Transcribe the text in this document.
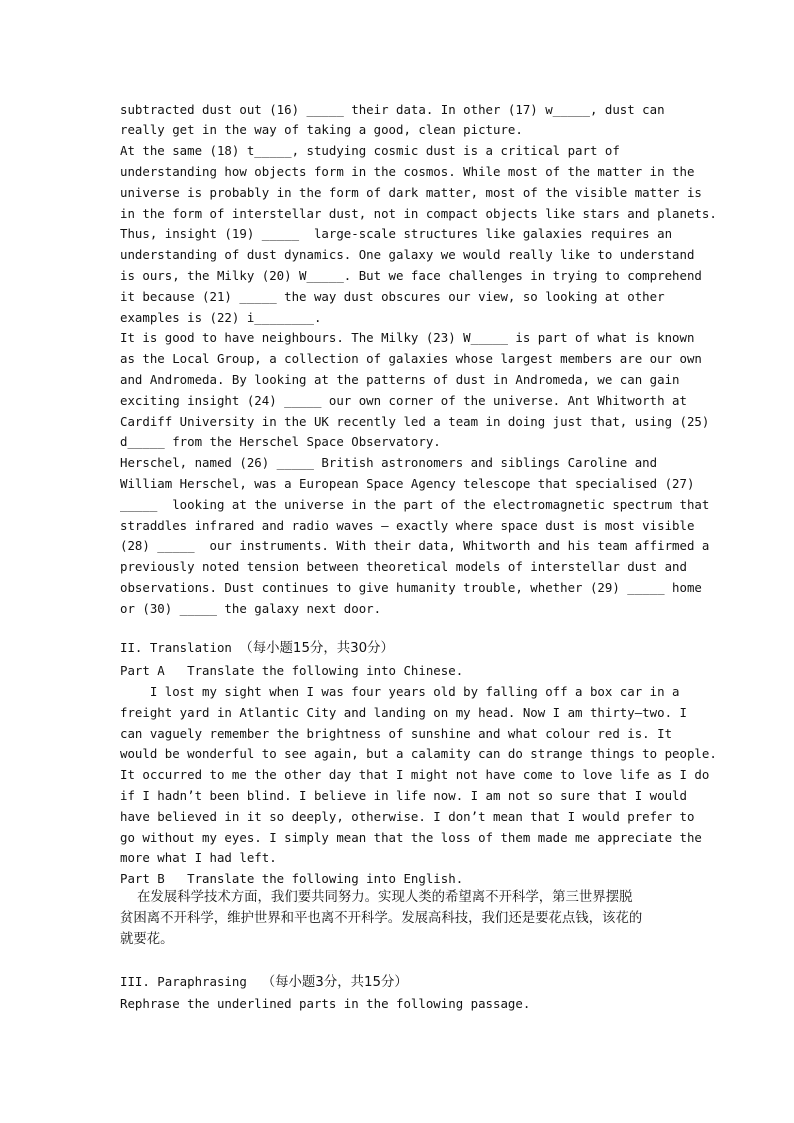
subtracted dust out (16) _____ their data. In other (17) w_____, dust can
really get in the way of taking a good, clean picture.
At the same (18) t_____, studying cosmic dust is a critical part of
understanding how objects form in the cosmos. While most of the matter in the
universe is probably in the form of dark matter, most of the visible matter is
in the form of interstellar dust, not in compact objects like stars and planets.
Thus, insight (19) _____  large-scale structures like galaxies requires an
understanding of dust dynamics. One galaxy we would really like to understand
is ours, the Milky (20) W_____. But we face challenges in trying to comprehend
it because (21) _____ the way dust obscures our view, so looking at other
examples is (22) i________.
It is good to have neighbours. The Milky (23) W_____ is part of what is known
as the Local Group, a collection of galaxies whose largest members are our own
and Andromeda. By looking at the patterns of dust in Andromeda, we can gain
exciting insight (24) _____ our own corner of the universe. Ant Whitworth at
Cardiff University in the UK recently led a team in doing just that, using (25)
d_____ from the Herschel Space Observatory.
Herschel, named (26) _____ British astronomers and siblings Caroline and
William Herschel, was a European Space Agency telescope that specialised (27)
_____  looking at the universe in the part of the electromagnetic spectrum that
straddles infrared and radio waves — exactly where space dust is most visible
(28) _____  our instruments. With their data, Whitworth and his team affirmed a
previously noted tension between theoretical models of interstellar dust and
observations. Dust continues to give humanity trouble, whether (29) _____ home
or (30) _____ the galaxy next door.
II. Translation （每小题15分，共30分）
Part A   Translate the following into Chinese.
I lost my sight when I was four years old by falling off a box car in a
freight yard in Atlantic City and landing on my head. Now I am thirty—two. I
can vaguely remember the brightness of sunshine and what colour red is. It
would be wonderful to see again, but a calamity can do strange things to people.
It occurred to me the other day that I might not have come to love life as I do
if I hadn’t been blind. I believe in life now. I am not so sure that I would
have believed in it so deeply, otherwise. I don’t mean that I would prefer to
go without my eyes. I simply mean that the loss of them made me appreciate the
more what I had left.
Part B   Translate the following into English.
在发展科学技术方面，我们要共同努力。实现人类的希望离不开科学，第三世界摆脱
贫困离不开科学，维护世界和平也离不开科学。发展高科技，我们还是要花点钱，该花的
就要花。
III. Paraphrasing  （每小题3分，共15分）
Rephrase the underlined parts in the following passage.
